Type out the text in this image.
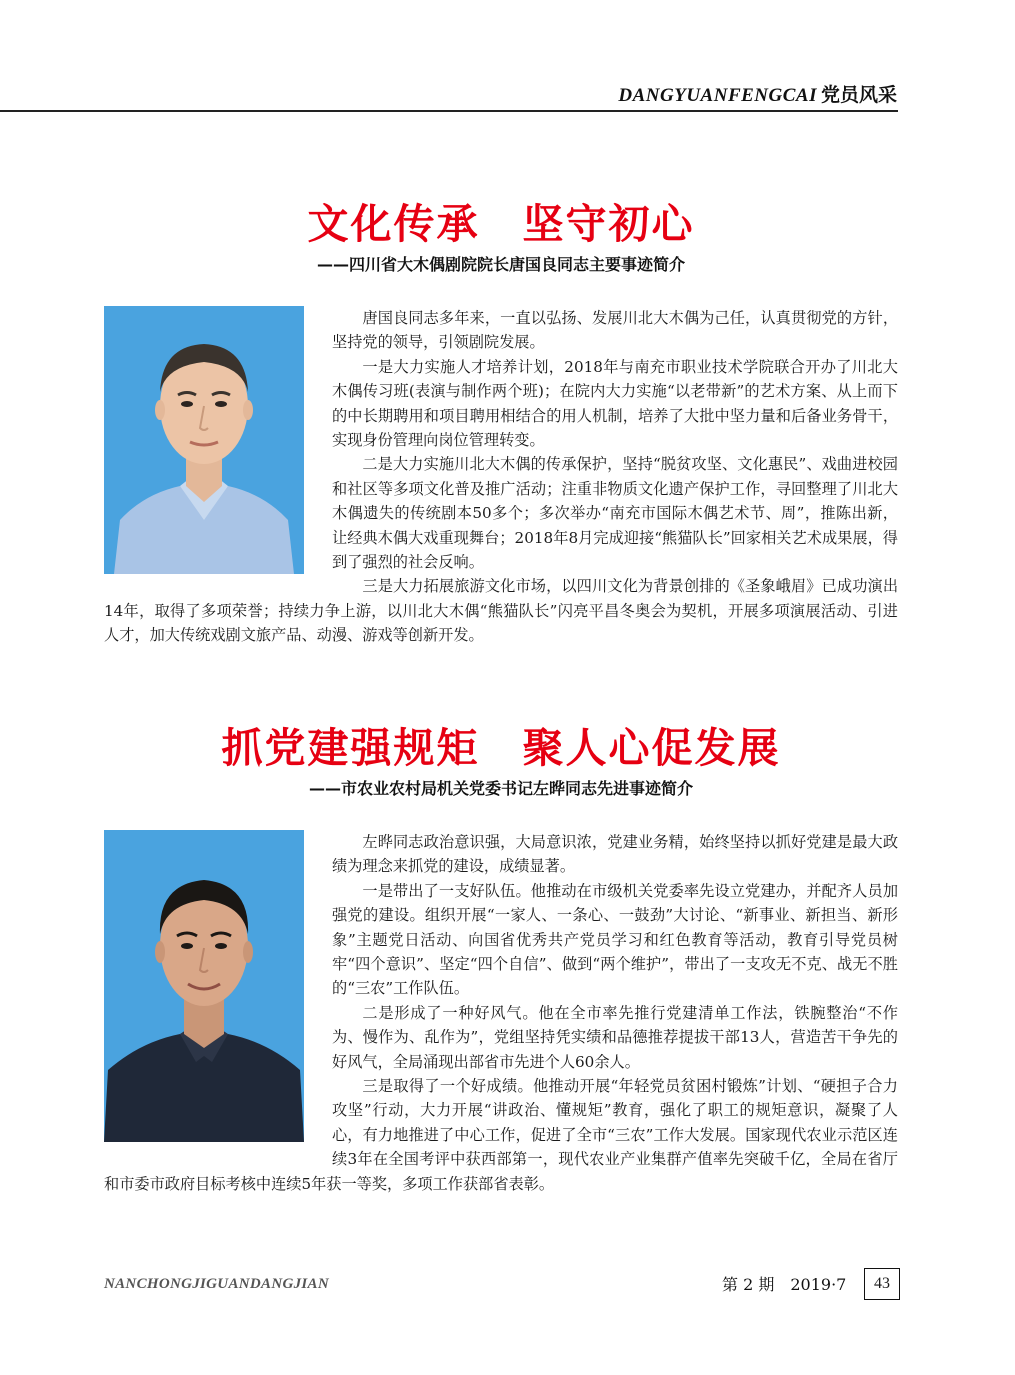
DANGYUANFENGCAI 党员风采
文化传承　坚守初心
——四川省大木偶剧院院长唐国良同志主要事迹简介

唐国良同志多年来，一直以弘扬、发展川北大木偶为己任，认真贯彻党的方针，坚持党的领导，引领剧院发展。

一是大力实施人才培养计划，2018年与南充市职业技术学院联合开办了川北大木偶传习班(表演与制作两个班)；在院内大力实施“以老带新”的艺术方案、从上而下的中长期聘用和项目聘用相结合的用人机制，培养了大批中坚力量和后备业务骨干，实现身份管理向岗位管理转变。

二是大力实施川北大木偶的传承保护，坚持“脱贫攻坚、文化惠民”、戏曲进校园和社区等多项文化普及推广活动；注重非物质文化遗产保护工作，寻回整理了川北大木偶遗失的传统剧本50多个；多次举办“南充市国际木偶艺术节、周”，推陈出新，让经典木偶大戏重现舞台；2018年8月完成迎接“熊猫队长”回家相关艺术成果展，得到了强烈的社会反响。

三是大力拓展旅游文化市场，以四川文化为背景创排的《圣象峨眉》已成功演出14年，取得了多项荣誉；持续力争上游，以川北大木偶“熊猫队长”闪亮平昌冬奥会为契机，开展多项演展活动、引进人才，加大传统戏剧文旅产品、动漫、游戏等创新开发。

抓党建强规矩　聚人心促发展
——市农业农村局机关党委书记左晔同志先进事迹简介

左晔同志政治意识强，大局意识浓，党建业务精，始终坚持以抓好党建是最大政绩为理念来抓党的建设，成绩显著。

一是带出了一支好队伍。他推动在市级机关党委率先设立党建办，并配齐人员加强党的建设。组织开展“一家人、一条心、一鼓劲”大讨论、“新事业、新担当、新形象”主题党日活动、向国省优秀共产党员学习和红色教育等活动，教育引导党员树牢“四个意识”、坚定“四个自信”、做到“两个维护”，带出了一支攻无不克、战无不胜的“三农”工作队伍。

二是形成了一种好风气。他在全市率先推行党建清单工作法，铁腕整治“不作为、慢作为、乱作为”，党组坚持凭实绩和品德推荐提拔干部13人，营造苦干争先的好风气，全局涌现出部省市先进个人60余人。

三是取得了一个好成绩。他推动开展“年轻党员贫困村锻炼”计划、“硬担子合力攻坚”行动，大力开展“讲政治、懂规矩”教育，强化了职工的规矩意识，凝聚了人心，有力地推进了中心工作，促进了全市“三农”工作大发展。国家现代农业示范区连续3年在全国考评中获西部第一，现代农业产业集群产值率先突破千亿，全局在省厅和市委市政府目标考核中连续5年获一等奖，多项工作获部省表彰。

NANCHONGJIGUANDANGJIAN	第 2 期　2019·7	43
